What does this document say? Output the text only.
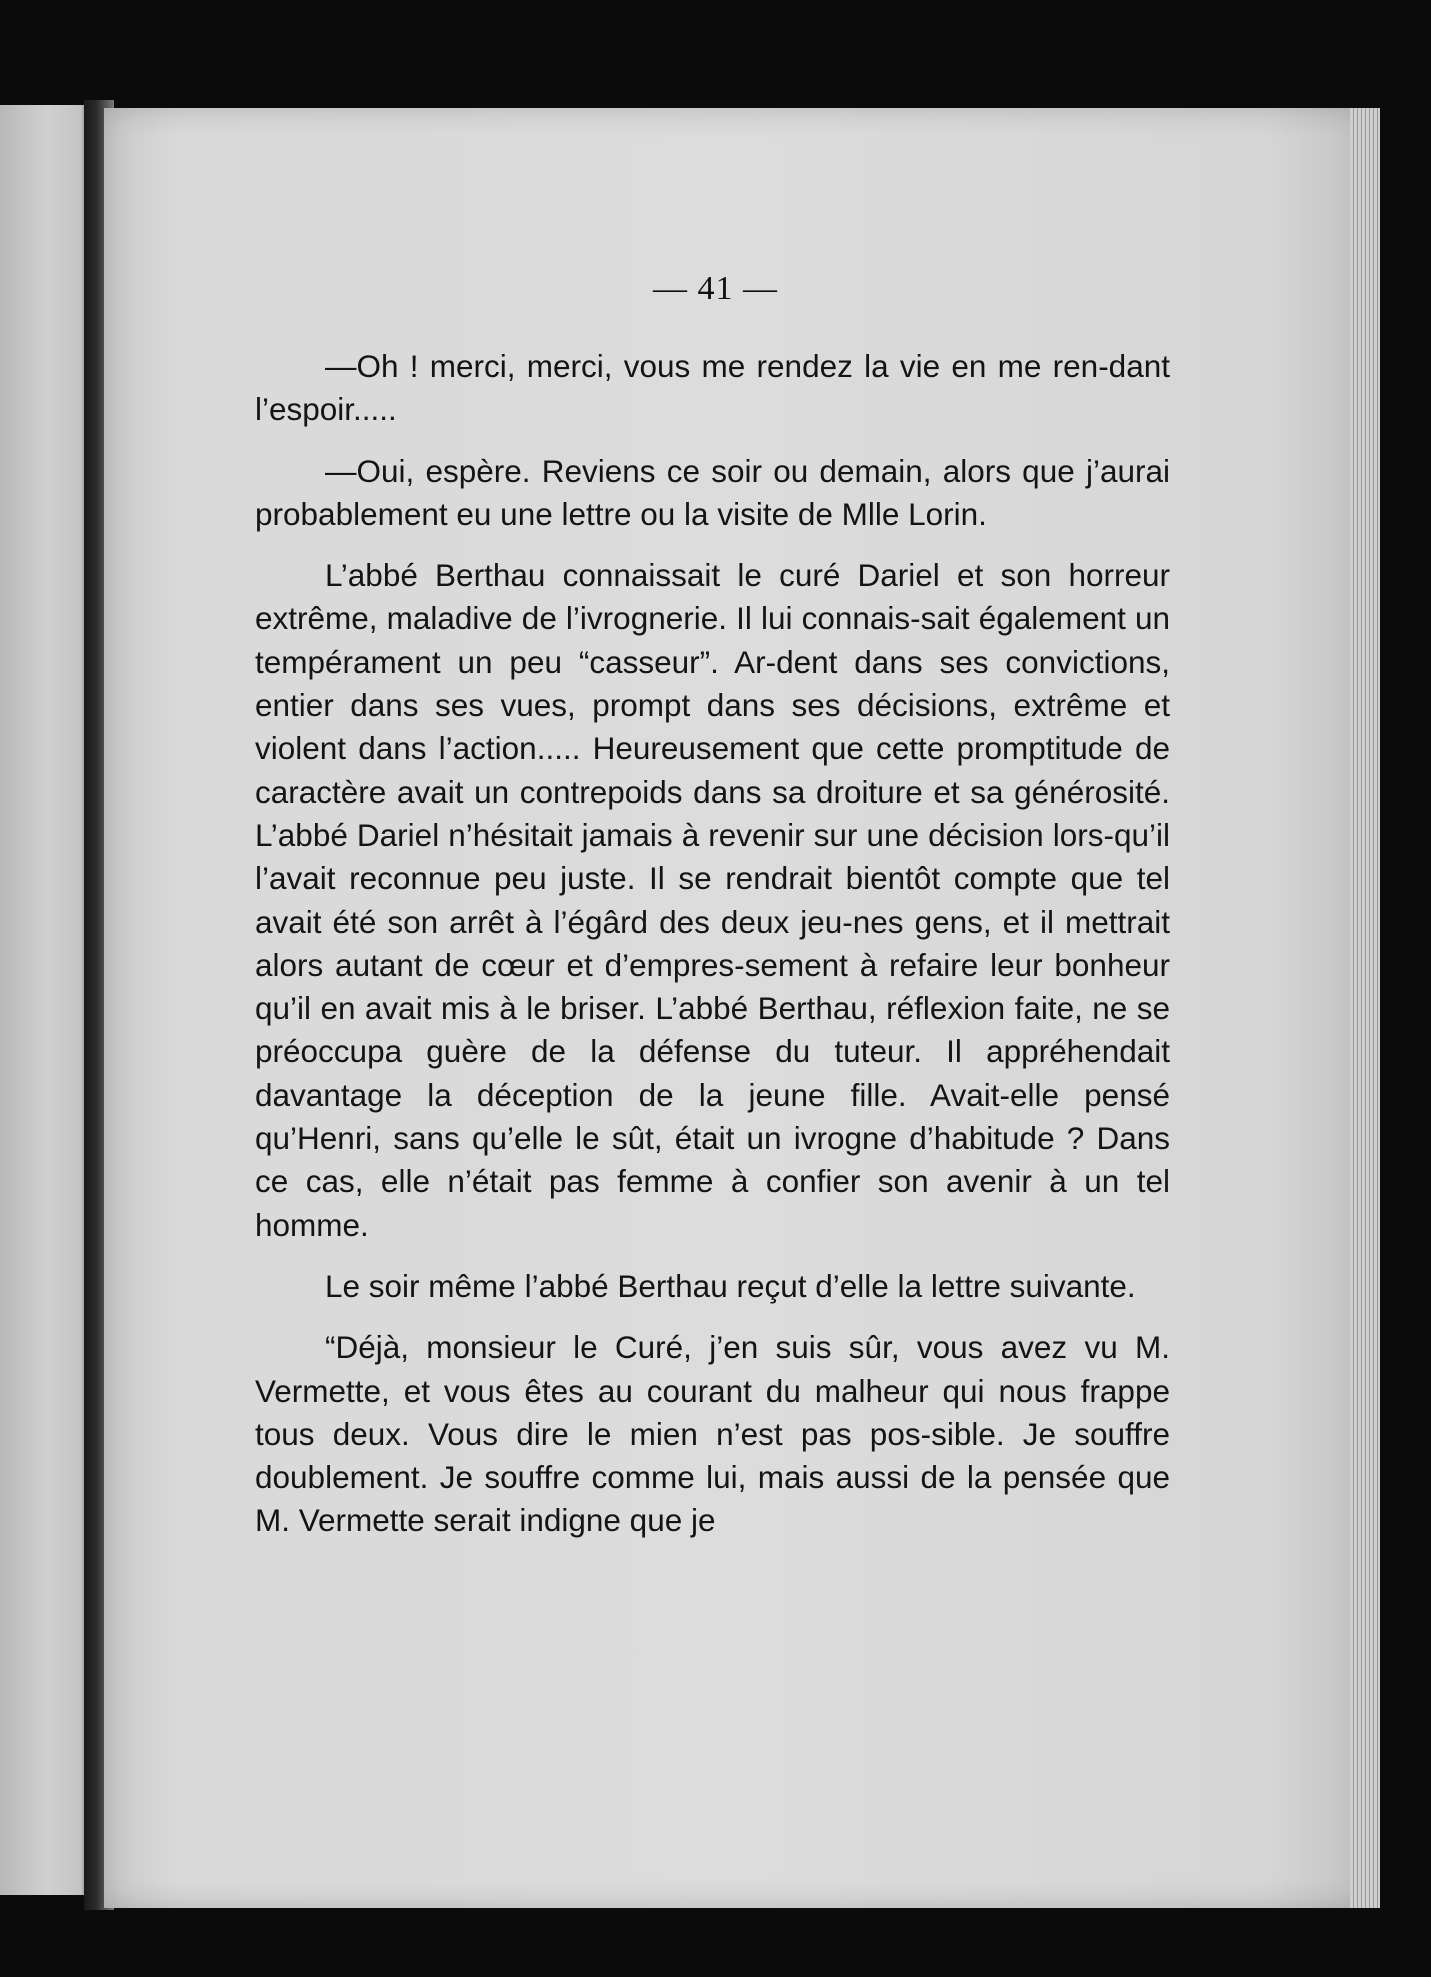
— 41 —

—Oh ! merci, merci, vous me rendez la vie en me ren-dant l’espoir.....

—Oui, espère. Reviens ce soir ou demain, alors que j’aurai probablement eu une lettre ou la visite de Mlle Lorin.

L’abbé Berthau connaissait le curé Dariel et son horreur extrême, maladive de l’ivrognerie. Il lui connais-sait également un tempérament un peu “casseur”. Ar-dent dans ses convictions, entier dans ses vues, prompt dans ses décisions, extrême et violent dans l’action..... Heureusement que cette promptitude de caractère avait un contrepoids dans sa droiture et sa générosité. L’abbé Dariel n’hésitait jamais à revenir sur une décision lors-qu’il l’avait reconnue peu juste. Il se rendrait bientôt compte que tel avait été son arrêt à l’égârd des deux jeu-nes gens, et il mettrait alors autant de cœur et d’empres-sement à refaire leur bonheur qu’il en avait mis à le briser. L’abbé Berthau, réflexion faite, ne se préoccupa guère de la défense du tuteur. Il appréhendait davantage la déception de la jeune fille. Avait-elle pensé qu’Henri, sans qu’elle le sût, était un ivrogne d’habitude ? Dans ce cas, elle n’était pas femme à confier son avenir à un tel homme.

Le soir même l’abbé Berthau reçut d’elle la lettre suivante.

“Déjà, monsieur le Curé, j’en suis sûr, vous avez vu M. Vermette, et vous êtes au courant du malheur qui nous frappe tous deux. Vous dire le mien n’est pas pos-sible. Je souffre doublement. Je souffre comme lui, mais aussi de la pensée que M. Vermette serait indigne que je
